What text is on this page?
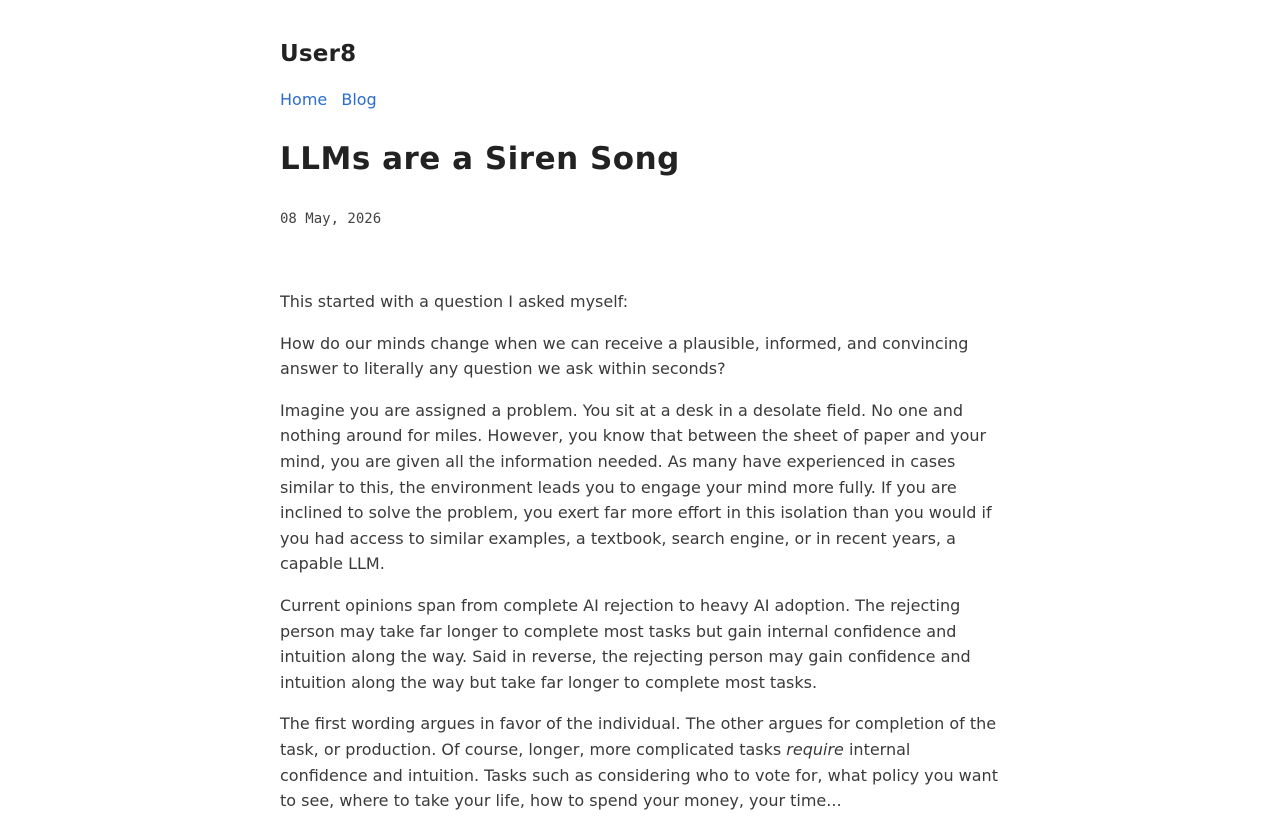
User8
Home Blog
LLMs are a Siren Song
08 May, 2026

This started with a question I asked myself:

How do our minds change when we can receive a plausible, informed, and convincing answer to literally any question we ask within seconds?

Imagine you are assigned a problem. You sit at a desk in a desolate field. No one and nothing around for miles. However, you know that between the sheet of paper and your mind, you are given all the information needed. As many have experienced in cases similar to this, the environment leads you to engage your mind more fully. If you are inclined to solve the problem, you exert far more effort in this isolation than you would if you had access to similar examples, a textbook, search engine, or in recent years, a capable LLM.

Current opinions span from complete AI rejection to heavy AI adoption. The rejecting person may take far longer to complete most tasks but gain internal confidence and intuition along the way. Said in reverse, the rejecting person may gain confidence and intuition along the way but take far longer to complete most tasks.

The first wording argues in favor of the individual. The other argues for completion of the task, or production. Of course, longer, more complicated tasks require internal confidence and intuition. Tasks such as considering who to vote for, what policy you want to see, where to take your life, how to spend your money, your time...
